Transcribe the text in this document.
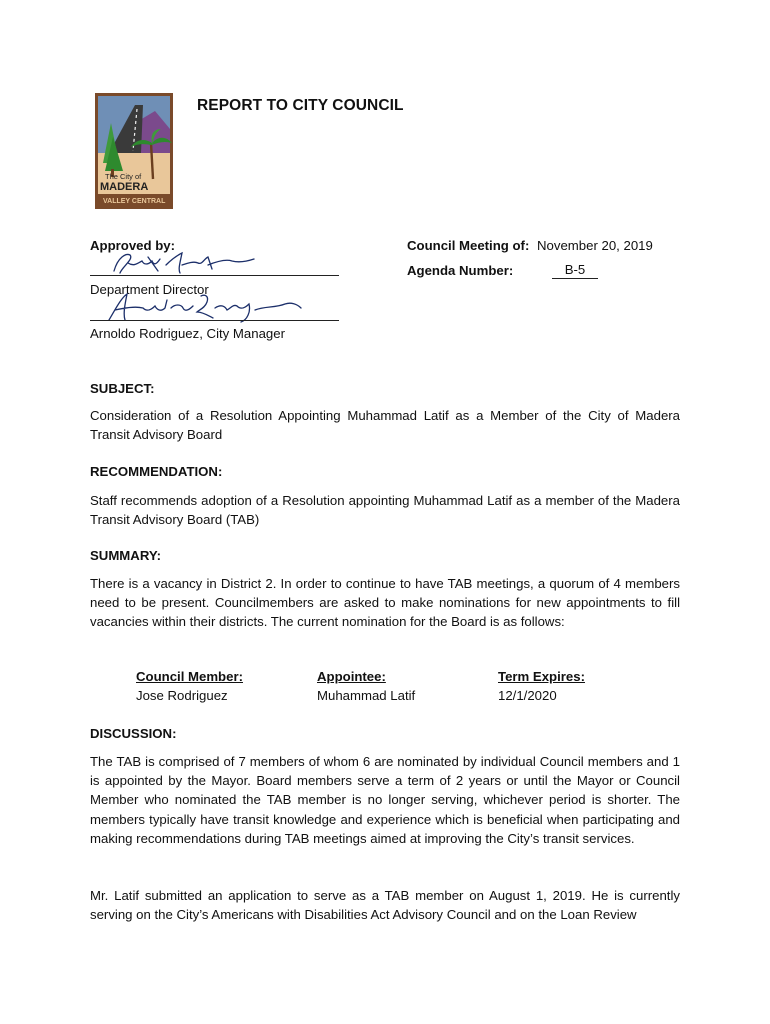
The City of
MADERA
VALLEY CENTRAL
REPORT TO CITY COUNCIL
Approved by:
Department Director
Arnoldo Rodriguez, City Manager
Council Meeting of: November 20, 2019
Agenda Number:	B-5
SUBJECT:
Consideration of a Resolution Appointing Muhammad Latif as a Member of the City of Madera Transit Advisory Board
RECOMMENDATION:
Staff recommends adoption of a Resolution appointing Muhammad Latif as a member of the Madera Transit Advisory Board (TAB)
SUMMARY:
There is a vacancy in District 2. In order to continue to have TAB meetings, a quorum of 4 members need to be present. Councilmembers are asked to make nominations for new appointments to fill vacancies within their districts. The current nomination for the Board is as follows:
Council Member:	Appointee:	Term Expires:
Jose Rodriguez	Muhammad Latif	12/1/2020
DISCUSSION:
The TAB is comprised of 7 members of whom 6 are nominated by individual Council members and 1 is appointed by the Mayor. Board members serve a term of 2 years or until the Mayor or Council Member who nominated the TAB member is no longer serving, whichever period is shorter. The members typically have transit knowledge and experience which is beneficial when participating and making recommendations during TAB meetings aimed at improving the City’s transit services.
Mr. Latif submitted an application to serve as a TAB member on August 1, 2019. He is currently serving on the City’s Americans with Disabilities Act Advisory Council and on the Loan Review
